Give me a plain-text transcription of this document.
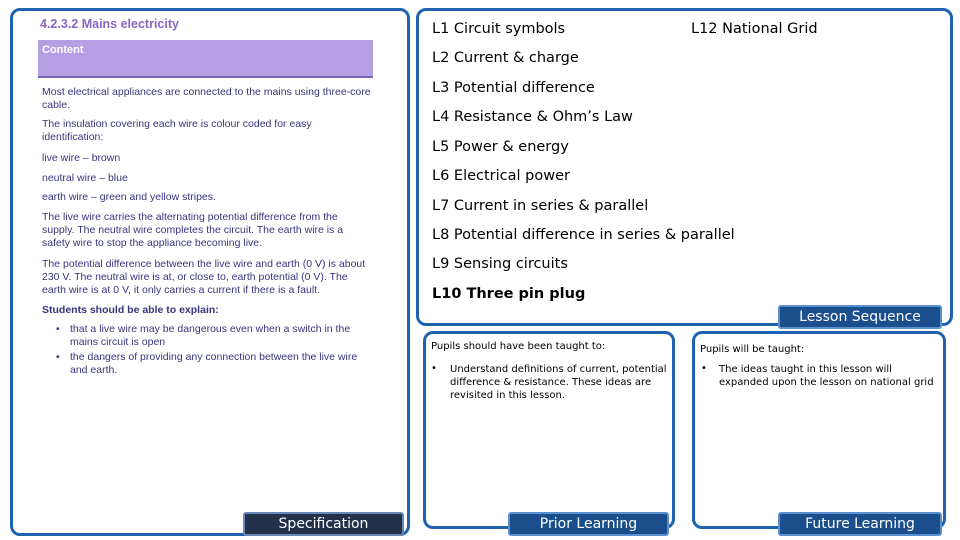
4.2.3.2 Mains electricity
Content
Most electrical appliances are connected to the mains using three-core cable.
The insulation covering each wire is colour coded for easy identification:
live wire – brown
neutral wire – blue
earth wire – green and yellow stripes.
The live wire carries the alternating potential difference from the supply. The neutral wire completes the circuit. The earth wire is a safety wire to stop the appliance becoming live.
The potential difference between the live wire and earth (0 V) is about 230 V. The neutral wire is at, or close to, earth potential (0 V). The earth wire is at 0 V, it only carries a current if there is a fault.
Students should be able to explain:
• that a live wire may be dangerous even when a switch in the mains circuit is open
• the dangers of providing any connection between the live wire and earth.
Specification
L1 Circuit symbols	L12 National Grid
L2 Current & charge
L3 Potential difference
L4 Resistance & Ohm’s Law
L5 Power & energy
L6 Electrical power
L7 Current in series & parallel
L8 Potential difference in series & parallel
L9 Sensing circuits
L10 Three pin plug
Lesson Sequence
Pupils should have been taught to:
• Understand definitions of current, potential difference & resistance. These ideas are revisited in this lesson.
Prior Learning
Pupils will be taught:
• The ideas taught in this lesson will expanded upon the lesson on national grid
Future Learning
